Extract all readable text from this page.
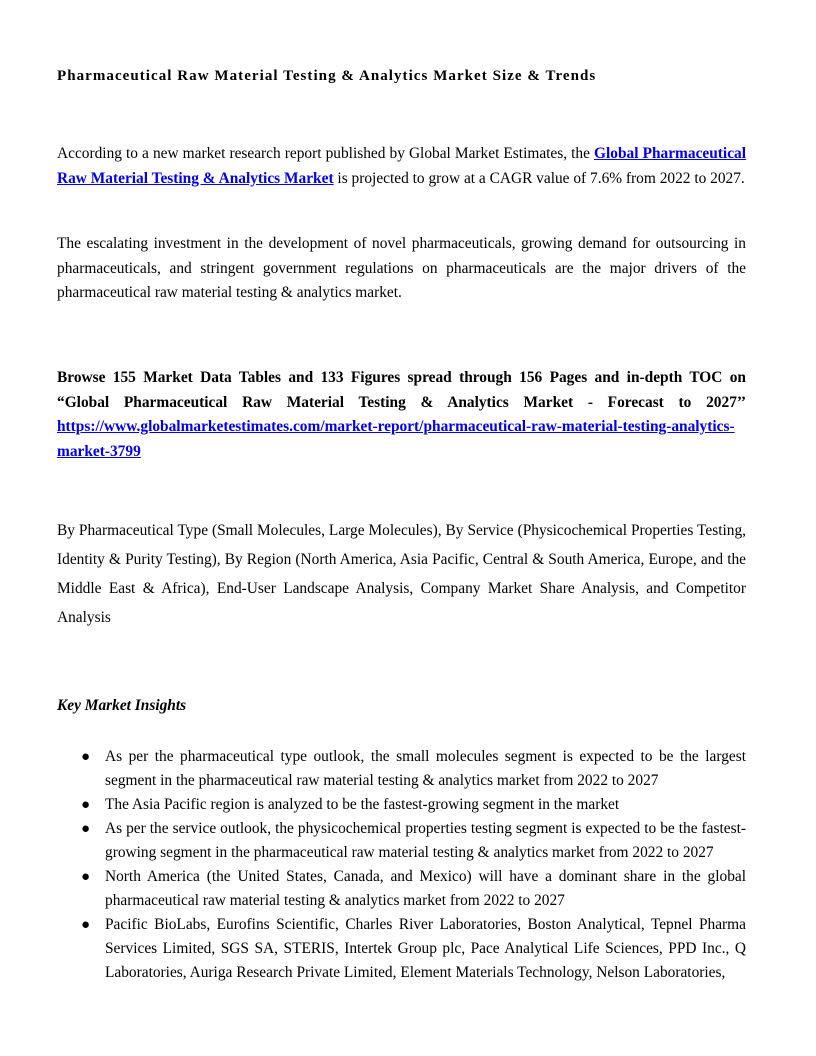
Pharmaceutical Raw Material Testing & Analytics Market Size & Trends

According to a new market research report published by Global Market Estimates, the Global Pharmaceutical Raw Material Testing & Analytics Market is projected to grow at a CAGR value of 7.6% from 2022 to 2027.

The escalating investment in the development of novel pharmaceuticals, growing demand for outsourcing in pharmaceuticals, and stringent government regulations on pharmaceuticals are the major drivers of the pharmaceutical raw material testing & analytics market.

Browse 155 Market Data Tables and 133 Figures spread through 156 Pages and in-depth TOC on “Global Pharmaceutical Raw Material Testing & Analytics Market - Forecast to 2027’’ https://www.globalmarketestimates.com/market-report/pharmaceutical-raw-material-testing-analytics-market-3799

By Pharmaceutical Type (Small Molecules, Large Molecules), By Service (Physicochemical Properties Testing, Identity & Purity Testing), By Region (North America, Asia Pacific, Central & South America, Europe, and the Middle East & Africa), End-User Landscape Analysis, Company Market Share Analysis, and Competitor Analysis

Key Market Insights
● As per the pharmaceutical type outlook, the small molecules segment is expected to be the largest segment in the pharmaceutical raw material testing & analytics market from 2022 to 2027
● The Asia Pacific region is analyzed to be the fastest-growing segment in the market
● As per the service outlook, the physicochemical properties testing segment is expected to be the fastest-growing segment in the pharmaceutical raw material testing & analytics market from 2022 to 2027
● North America (the United States, Canada, and Mexico) will have a dominant share in the global pharmaceutical raw material testing & analytics market from 2022 to 2027
● Pacific BioLabs, Eurofins Scientific, Charles River Laboratories, Boston Analytical, Tepnel Pharma Services Limited, SGS SA, STERIS, Intertek Group plc, Pace Analytical Life Sciences, PPD Inc., Q Laboratories, Auriga Research Private Limited, Element Materials Technology, Nelson Laboratories,
